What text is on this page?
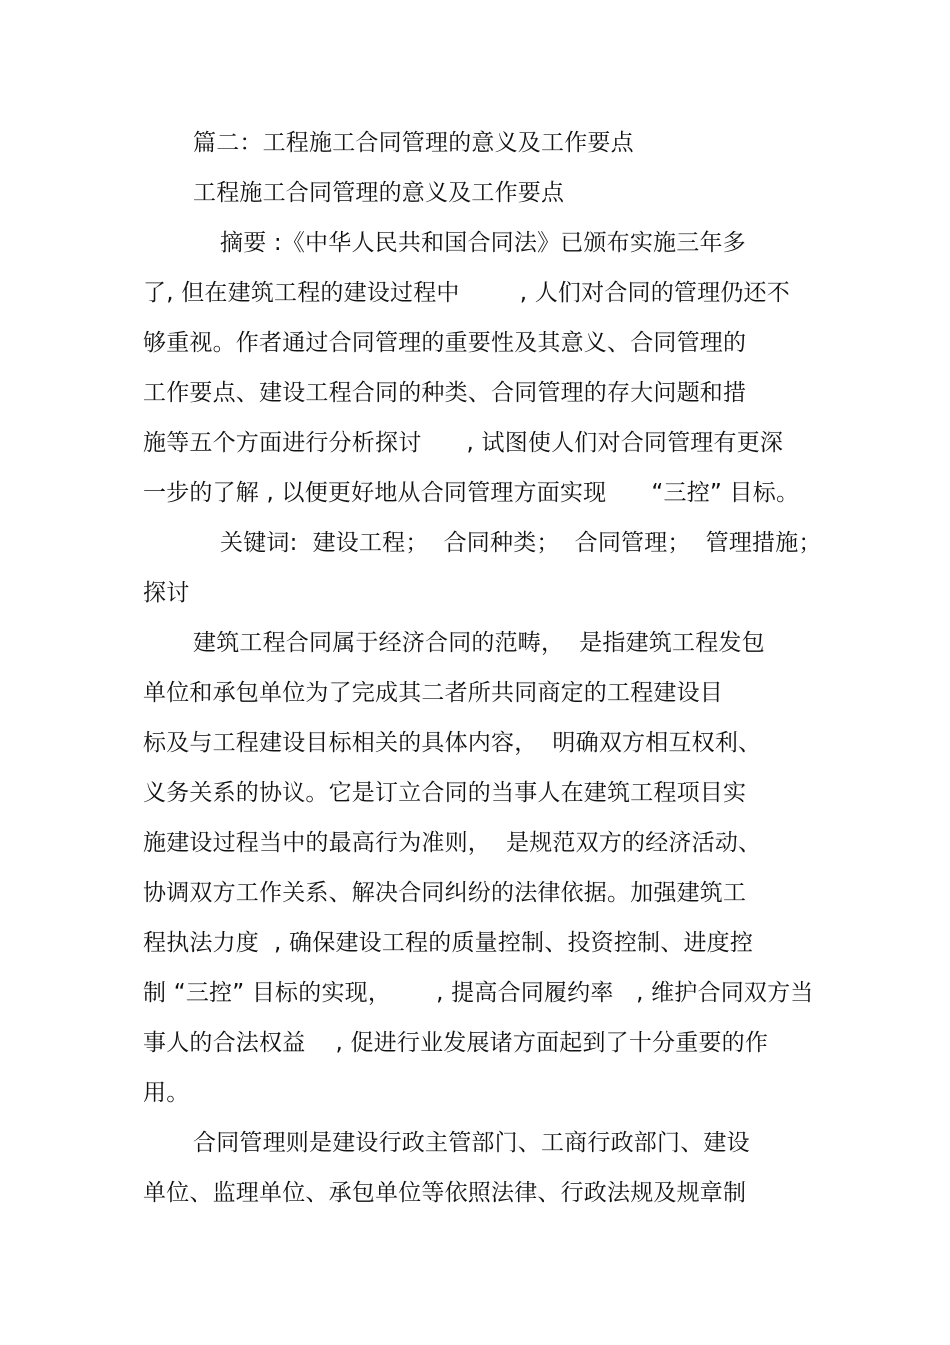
篇二：工程施工合同管理的意义及工作要点
工程施工合同管理的意义及工作要点
摘要 :《中华人民共和国合同法》已颁布实施三年多
了, 但在建筑工程的建设过程中        , 人们对合同的管理仍还不
够重视。作者通过合同管理的重要性及其意义、合同管理的
工作要点、建设工程合同的种类、合同管理的存大问题和措
施等五个方面进行分析探讨      , 试图使人们对合同管理有更深
一步的了解 , 以便更好地从合同管理方面实现      “三控” 目标。
关键词:  建设工程；  合同种类；  合同管理；  管理措施；
探讨
建筑工程合同属于经济合同的范畴，  是指建筑工程发包
单位和承包单位为了完成其二者所共同商定的工程建设目
标及与工程建设目标相关的具体内容，  明确双方相互权利、
义务关系的协议。它是订立合同的当事人在建筑工程项目实
施建设过程当中的最高行为准则，  是规范双方的经济活动、
协调双方工作关系、解决合同纠纷的法律依据。加强建筑工
程执法力度  , 确保建设工程的质量控制、投资控制、进度控
制 “三控” 目标的实现，      , 提高合同履约率   , 维护合同双方当
事人的合法权益    , 促进行业发展诸方面起到了十分重要的作
用。
合同管理则是建设行政主管部门、工商行政部门、建设
单位、监理单位、承包单位等依照法律、行政法规及规章制
